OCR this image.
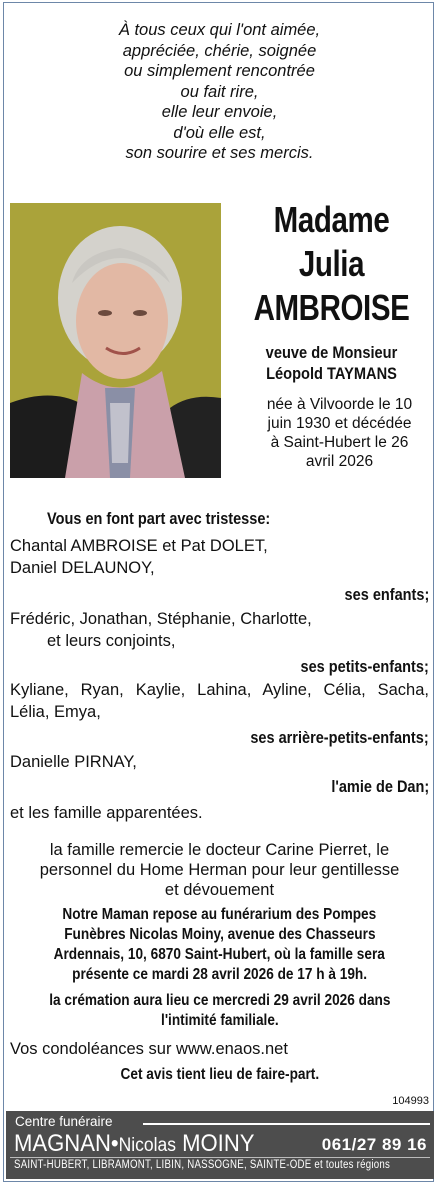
À tous ceux qui l'ont aimée,
appréciée, chérie, soignée
ou simplement rencontrée
ou fait rire,
elle leur envoie,
d'où elle est,
son sourire et ses mercis.
Madame
Julia
AMBROISE
veuve de Monsieur
Léopold TAYMANS
née à Vilvoorde le 10
juin 1930 et décédée
à Saint-Hubert le 26
avril 2026
Vous en font part avec tristesse:
Chantal AMBROISE et Pat DOLET,
Daniel DELAUNOY,
ses enfants;
Frédéric, Jonathan, Stéphanie, Charlotte,
et leurs conjoints,
ses petits-enfants;
Kyliane, Ryan, Kaylie, Lahina, Ayline, Célia, Sacha,
Lélia, Emya,
ses arrière-petits-enfants;
Danielle PIRNAY,
l'amie de Dan;
et les famille apparentées.
la famille remercie le docteur Carine Pierret, le
personnel du Home Herman pour leur gentillesse
et dévouement
Notre Maman repose au funérarium des Pompes
Funèbres Nicolas Moiny, avenue des Chasseurs
Ardennais, 10, 6870 Saint-Hubert, où la famille sera
présente ce mardi 28 avril 2026 de 17 h à 19h.
la crémation aura lieu ce mercredi 29 avril 2026 dans
l'intimité familiale.
Vos condoléances sur www.enaos.net
Cet avis tient lieu de faire-part.
104993
Centre funéraire
MAGNAN•Nicolas MOINY	061/27 89 16
SAINT-HUBERT, LIBRAMONT, LIBIN, NASSOGNE, SAINTE-ODE et toutes régions
